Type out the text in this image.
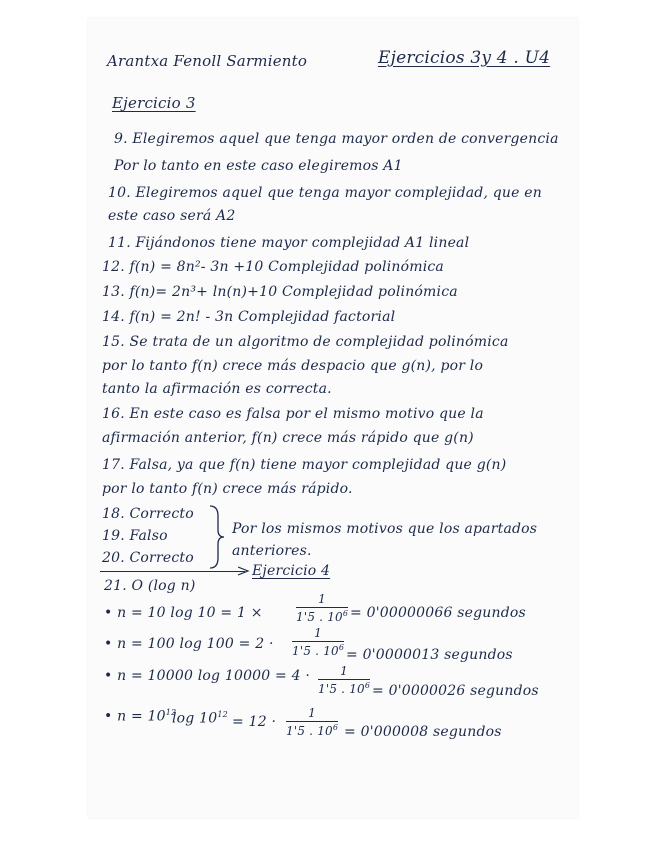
Arantxa Fenoll Sarmiento	Ejercicios 3y 4 . U4
Ejercicio 3
9. Elegiremos aquel que tenga mayor orden de convergencia
Por lo tanto en este caso elegiremos A1
10. Elegiremos aquel que tenga mayor complejidad, que en
este caso será A2
11. Fijándonos tiene mayor complejidad A1 lineal
12. f(n) = 8n²- 3n +10 Complejidad polinómica
13. f(n)= 2n³+ ln(n)+10 Complejidad polinómica
14. f(n) = 2n! - 3n Complejidad factorial
15. Se trata de un algoritmo de complejidad polinómica
por lo tanto f(n) crece más despacio que g(n), por lo
tanto la afirmación es correcta.
16. En este caso es falsa por el mismo motivo que la
afirmación anterior, f(n) crece más rápido que g(n)
17. Falsa, ya que f(n) tiene mayor complejidad que g(n)
por lo tanto f(n) crece más rápido.
18. Correcto
19. Falso
20. Correcto
Por los mismos motivos que los apartados
anteriores.
Ejercicio 4
21. O (log n)
• n = 10 log 10 = 1 ×
1
1'5 . $10^6 = 0'00000066$ segundos
• n = 100 log 100 = 2 ·
1
1'5 . $10^6 = 0'0000013$ segundos
• n = 10000 log 10000 = 4 ·	1
1'5 . $10^6 = 0'0000026$ segundos
• $n = 10^{12}$
$\log 10^{12} = 12$ ·
1
1'5 . $10^6 = 0'000008$ segundos
